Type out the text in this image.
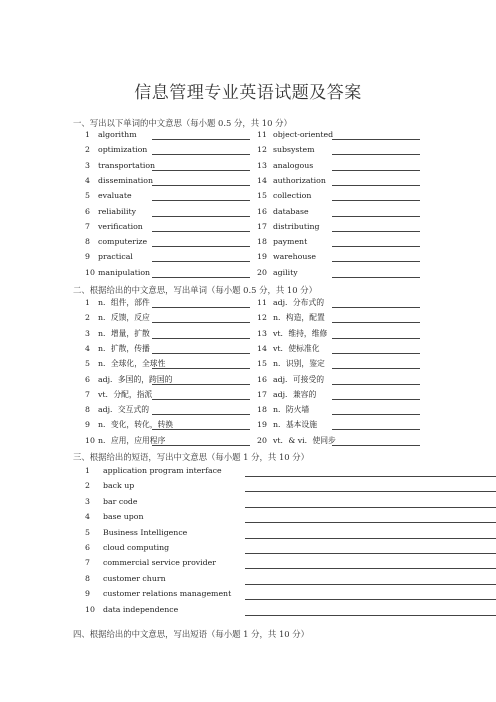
信息管理专业英语试题及答案
一、写出以下单词的中文意思（每小题 0.5 分，共 10 分）
1	algorithm
2	optimization
3	transportation
4	dissemination
5	evaluate
6	reliability
7	verification
8	computerize
9	practical
10 manipulation
11 object-oriented
12 subsystem
13 analogous
14 authorization
15 collection
16 database
17 distributing
18 payment
19 warehouse
20 agility
二、根据给出的中文意思，写出单词（每小题 0.5 分，共 10 分）
1	n．组件，部件
2	n．反馈，反应
3	n．增量，扩散
4	n．扩散，传播
5	n．全球化，全球性
6	adj．多国的，跨国的
7	vt．分配，指派
8	adj．交互式的
9	n．变化，转化，转换
10 n．应用，应用程序
11 adj．分布式的
12 n．构造，配置
13 vt．维持，维修
14 vt．使标准化
15 n．识别，鉴定
16 adj．可接受的
17 adj．兼容的
18 n．防火墙
19 n．基本设施
20 vt．& vi．使同步
三、根据给出的短语，写出中文意思（每小题 1 分，共 10 分）
1	application program interface
2	back up
3	bar code
4	base upon
5	Business Intelligence
6	cloud computing
7	commercial service provider
8	customer churn
9	customer relations management
10 data independence
四、根据给出的中文意思，写出短语（每小题 1 分，共 10 分）
